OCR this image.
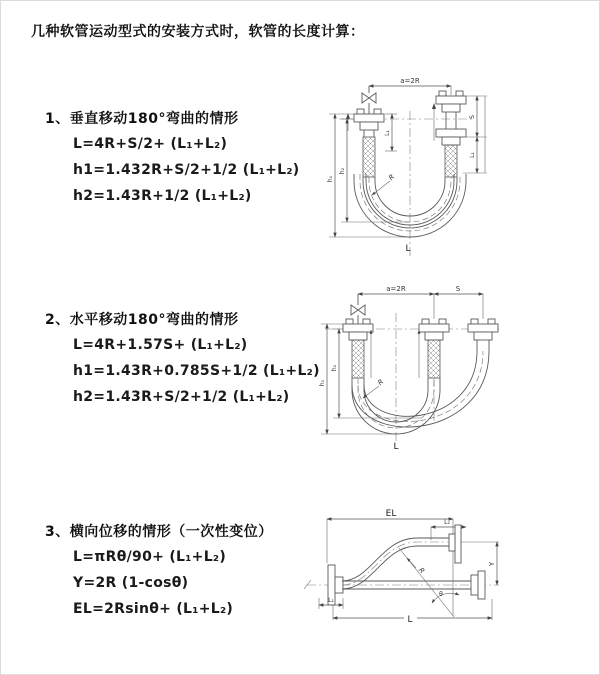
几种软管运动型式的安装方式时，软管的长度计算：
1、垂直移动180°弯曲的情形
L=4R+S/2+ (L₁+L₂)
h1=1.432R+S/2+1/2 (L₁+L₂)
h2=1.43R+1/2 (L₁+L₂)
2、水平移动180°弯曲的情形
L=4R+1.57S+ (L₁+L₂)
h1=1.43R+0.785S+1/2 (L₁+L₂)
h2=1.43R+S/2+1/2 (L₁+L₂)
3、横向位移的情形（一次性变位）
L=πRθ/90+ (L₁+L₂)
Y=2R (1-cosθ)
EL=2Rsinθ+ (L₁+L₂)
a=2R
L₁
S
L₁
h₁
h₂
R
L
a=2R	S
h₁
h₂
R
L
EL
L₂
R
θ
Y
L₁
L
